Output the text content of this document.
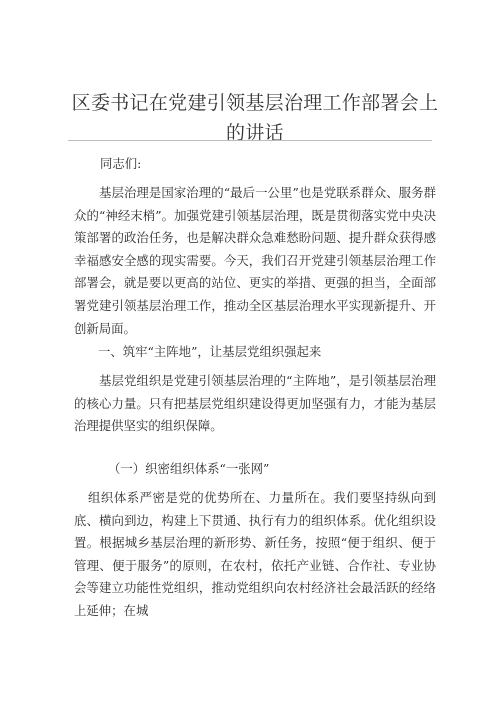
区委书记在党建引领基层治理工作部署会上的讲话

同志们:

基层治理是国家治理的“最后一公里”也是党联系群众、服务群众的“神经末梢”。加强党建引领基层治理，既是贯彻落实党中央决策部署的政治任务，也是解决群众急难愁盼问题、提升群众获得感幸福感安全感的现实需要。今天，我们召开党建引领基层治理工作部署会，就是要以更高的站位、更实的举措、更强的担当，全面部署党建引领基层治理工作，推动全区基层治理水平实现新提升、开创新局面。

一、筑牢“主阵地”，让基层党组织强起来

基层党组织是党建引领基层治理的“主阵地”，是引领基层治理的核心力量。只有把基层党组织建设得更加坚强有力，才能为基层治理提供坚实的组织保障。

（一）织密组织体系“一张网”

组织体系严密是党的优势所在、力量所在。我们要坚持纵向到底、横向到边，构建上下贯通、执行有力的组织体系。优化组织设置。根据城乡基层治理的新形势、新任务，按照“便于组织、便于管理、便于服务”的原则，在农村，依托产业链、合作社、专业协会等建立功能性党组织，推动党组织向农村经济社会最活跃的经络上延伸；在城
